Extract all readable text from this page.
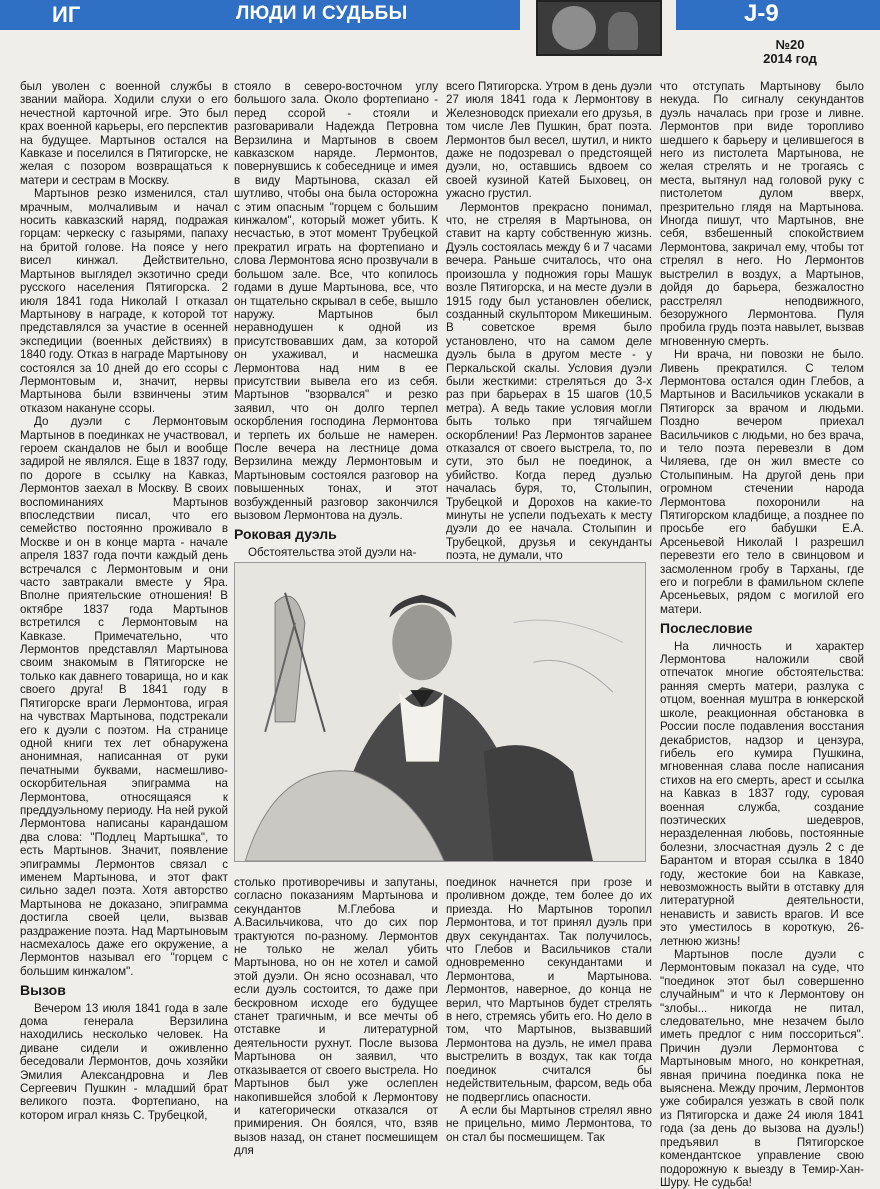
ИГ	ЛЮДИ И СУДЬБЫ	J-9
№20
2014 год

был уволен с военной службы в звании майора. Ходили слухи о его нечестной карточной игре. Это был крах военной карьеры, его перспектив на будущее. Мартынов остался на Кавказе и поселился в Пятигорске, не желая с позором возвращаться к матери и сестрам в Москву.

Мартынов резко изменился, стал мрачным, молчаливым и начал носить кавказский наряд, подражая горцам: черкеску с газырями, папаху на бритой голове. На поясе у него висел кинжал. Действительно, Мартынов выглядел экзотично среди русского населения Пятигорска. 2 июля 1841 года Николай I отказал Мартынову в награде, к которой тот представлялся за участие в осенней экспедиции (военных действиях) в 1840 году. Отказ в награде Мартынову состоялся за 10 дней до его ссоры с Лермонтовым и, значит, нервы Мартынова были взвинчены этим отказом накануне ссоры.

До дуэли с Лермонтовым Мартынов в поединках не участвовал, героем скандалов не был и вообще задирой не являлся. Еще в 1837 году, по дороге в ссылку на Кавказ, Лермонтов заехал в Москву. В своих воспоминаниях Мартынов впоследствии писал, что его семейство постоянно проживало в Москве и он в конце марта - начале апреля 1837 года почти каждый день встречался с Лермонтовым и они часто завтракали вместе у Яра. Вполне приятельские отношения! В октябре 1837 года Мартынов встретился с Лермонтовым на Кавказе. Примечательно, что Лермонтов представлял Мартынова своим знакомым в Пятигорске не только как давнего товарища, но и как своего друга! В 1841 году в Пятигорске враги Лермонтова, играя на чувствах Мартынова, подстрекали его к дуэли с поэтом. На странице одной книги тех лет обнаружена анонимная, написанная от руки печатными буквами, насмешливо-оскорбительная эпиграмма на Лермонтова, относящаяся к преддуэльному периоду. На ней рукой Лермонтова написаны карандашом два слова: "Подлец Мартышка", то есть Мартынов. Значит, появление эпиграммы Лермонтов связал с именем Мартынова, и этот факт сильно задел поэта. Хотя авторство Мартынова не доказано, эпиграмма достигла своей цели, вызвав раздражение поэта. Над Мартыновым насмехалось даже его окружение, а Лермонтов называл его "горцем с большим кинжалом".

Вызов

Вечером 13 июля 1841 года в зале дома генерала Верзилина находились несколько человек. На диване сидели и оживленно беседовали Лермонтов, дочь хозяйки Эмилия Александровна и Лев Сергеевич Пушкин - младший брат великого поэта. Фортепиано, на котором играл князь С. Трубецкой,

стояло в северо-восточном углу большого зала. Около фортепиано - перед ссорой - стояли и разговаривали Надежда Петровна Верзилина и Мартынов в своем кавказском наряде. Лермонтов, повернувшись к собеседнице и имея в виду Мартынова, сказал ей шутливо, чтобы она была осторожна с этим опасным "горцем с большим кинжалом", который может убить. К несчастью, в этот момент Трубецкой прекратил играть на фортепиано и слова Лермонтова ясно прозвучали в большом зале. Все, что копилось годами в душе Мартынова, все, что он тщательно скрывал в себе, вышло наружу. Мартынов был неравнодушен к одной из присутствовавших дам, за которой он ухаживал, и насмешка Лермонтова над ним в ее присутствии вывела его из себя. Мартынов "взорвался" и резко заявил, что он долго терпел оскорбления господина Лермонтова и терпеть их больше не намерен. После вечера на лестнице дома Верзилина между Лермонтовым и Мартыновым состоялся разговор на повышенных тонах, и этот возбужденный разговор закончился вызовом Лермонтова на дуэль.

Роковая дуэль

Обстоятельства этой дуэли на-

всего Пятигорска. Утром в день дуэли 27 июля 1841 года к Лермонтову в Железноводск приехали его друзья, в том числе Лев Пушкин, брат поэта. Лермонтов был весел, шутил, и никто даже не подозревал о предстоящей дуэли, но, оставшись вдвоем со своей кузиной Катей Быховец, он ужасно грустил.

Лермонтов прекрасно понимал, что, не стреляя в Мартынова, он ставит на карту собственную жизнь. Дуэль состоялась между 6 и 7 часами вечера. Раньше считалось, что она произошла у подножия горы Машук возле Пятигорска, и на месте дуэли в 1915 году был установлен обелиск, созданный скульптором Микешиным. В советское время было установлено, что на самом деле дуэль была в другом месте - у Перкальской скалы. Условия дуэли были жесткими: стреляться до 3-х раз при барьерах в 15 шагов (10,5 метра). А ведь такие условия могли быть только при тягчайшем оскорблении! Раз Лермонтов заранее отказался от своего выстрела, то, по сути, это был не поединок, а убийство. Когда перед дуэлью началась буря, то, Столыпин, Трубецкой и Дорохов на какие-то минуты не успели подъехать к месту дуэли до ее начала. Столыпин и Трубецкой, друзья и секунданты поэта, не думали, что

столько противоречивы и запутаны, согласно показаниям Мартынова и секундантов М.Глебова и А.Васильчикова, что до сих пор трактуются по-разному. Лермонтов не только не желал убить Мартынова, но он не хотел и самой этой дуэли. Он ясно осознавал, что если дуэль состоится, то даже при бескровном исходе его будущее станет трагичным, и все мечты об отставке и литературной деятельности рухнут. После вызова Мартынова он заявил, что отказывается от своего выстрела. Но Мартынов был уже ослеплен накопившейся злобой к Лермонтову и категорически отказался от примирения. Он боялся, что, взяв вызов назад, он станет посмешищем для

поединок начнется при грозе и проливном дожде, тем более до их приезда. Но Мартынов торопил Лермонтова, и тот принял дуэль при двух секундантах. Так получилось, что Глебов и Васильчиков стали одновременно секундантами и Лермонтова, и Мартынова. Лермонтов, наверное, до конца не верил, что Мартынов будет стрелять в него, стремясь убить его. Но дело в том, что Мартынов, вызвавший Лермонтова на дуэль, не имел права выстрелить в воздух, так как тогда поединок считался бы недействительным, фарсом, ведь оба не подверглись опасности.

А если бы Мартынов стрелял явно не прицельно, мимо Лермонтова, то он стал бы посмешищем. Так

что отступать Мартынову было некуда. По сигналу секундантов дуэль началась при грозе и ливне. Лермонтов при виде торопливо шедшего к барьеру и целившегося в него из пистолета Мартынова, не желая стрелять и не трогаясь с места, вытянул над головой руку с пистолетом дулом вверх, презрительно глядя на Мартынова. Иногда пишут, что Мартынов, вне себя, взбешенный спокойствием Лермонтова, закричал ему, чтобы тот стрелял в него. Но Лермонтов выстрелил в воздух, а Мартынов, дойдя до барьера, безжалостно расстрелял неподвижного, безоружного Лермонтова. Пуля пробила грудь поэта навылет, вызвав мгновенную смерть.

Ни врача, ни повозки не было. Ливень прекратился. С телом Лермонтова остался один Глебов, а Мартынов и Васильчиков ускакали в Пятигорск за врачом и людьми. Поздно вечером приехал Васильчиков с людьми, но без врача, и тело поэта перевезли в дом Чиляева, где он жил вместе со Столыпиным. На другой день при огромном стечении народа Лермонтова похоронили на Пятигорском кладбище, а позднее по просьбе его бабушки Е.А. Арсеньевой Николай I разрешил перевезти его тело в свинцовом и засмоленном гробу в Тарханы, где его и погребли в фамильном склепе Арсеньевых, рядом с могилой его матери.

Послесловие

На личность и характер Лермонтова наложили свой отпечаток многие обстоятельства: ранняя смерть матери, разлука с отцом, военная муштра в юнкерской школе, реакционная обстановка в России после подавления восстания декабристов, надзор и цензура, гибель его кумира Пушкина, мгновенная слава после написания стихов на его смерть, арест и ссылка на Кавказ в 1837 году, суровая военная служба, создание поэтических шедевров, неразделенная любовь, постоянные болезни, злосчастная дуэль 2 с де Барантом и вторая ссылка в 1840 году, жестокие бои на Кавказе, невозможность выйти в отставку для литературной деятельности, ненависть и зависть врагов. И все это уместилось в короткую, 26-летнюю жизнь!

Мартынов после дуэли с Лермонтовым показал на суде, что "поединок этот был совершенно случайным" и что к Лермонтову он "злобы... никогда не питал, следовательно, мне незачем было иметь предлог с ним поссориться". Причин дуэли Лермонтова с Мартыновым много, но конкретная, явная причина поединка пока не выяснена. Между прочим, Лермонтов уже собирался уезжать в свой полк из Пятигорска и даже 24 июля 1841 года (за день до вызова на дуэль!) предъявил в Пятигорское комендантское управление свою подорожную к выезду в Темир-Хан-Шуру. Не судьба!
